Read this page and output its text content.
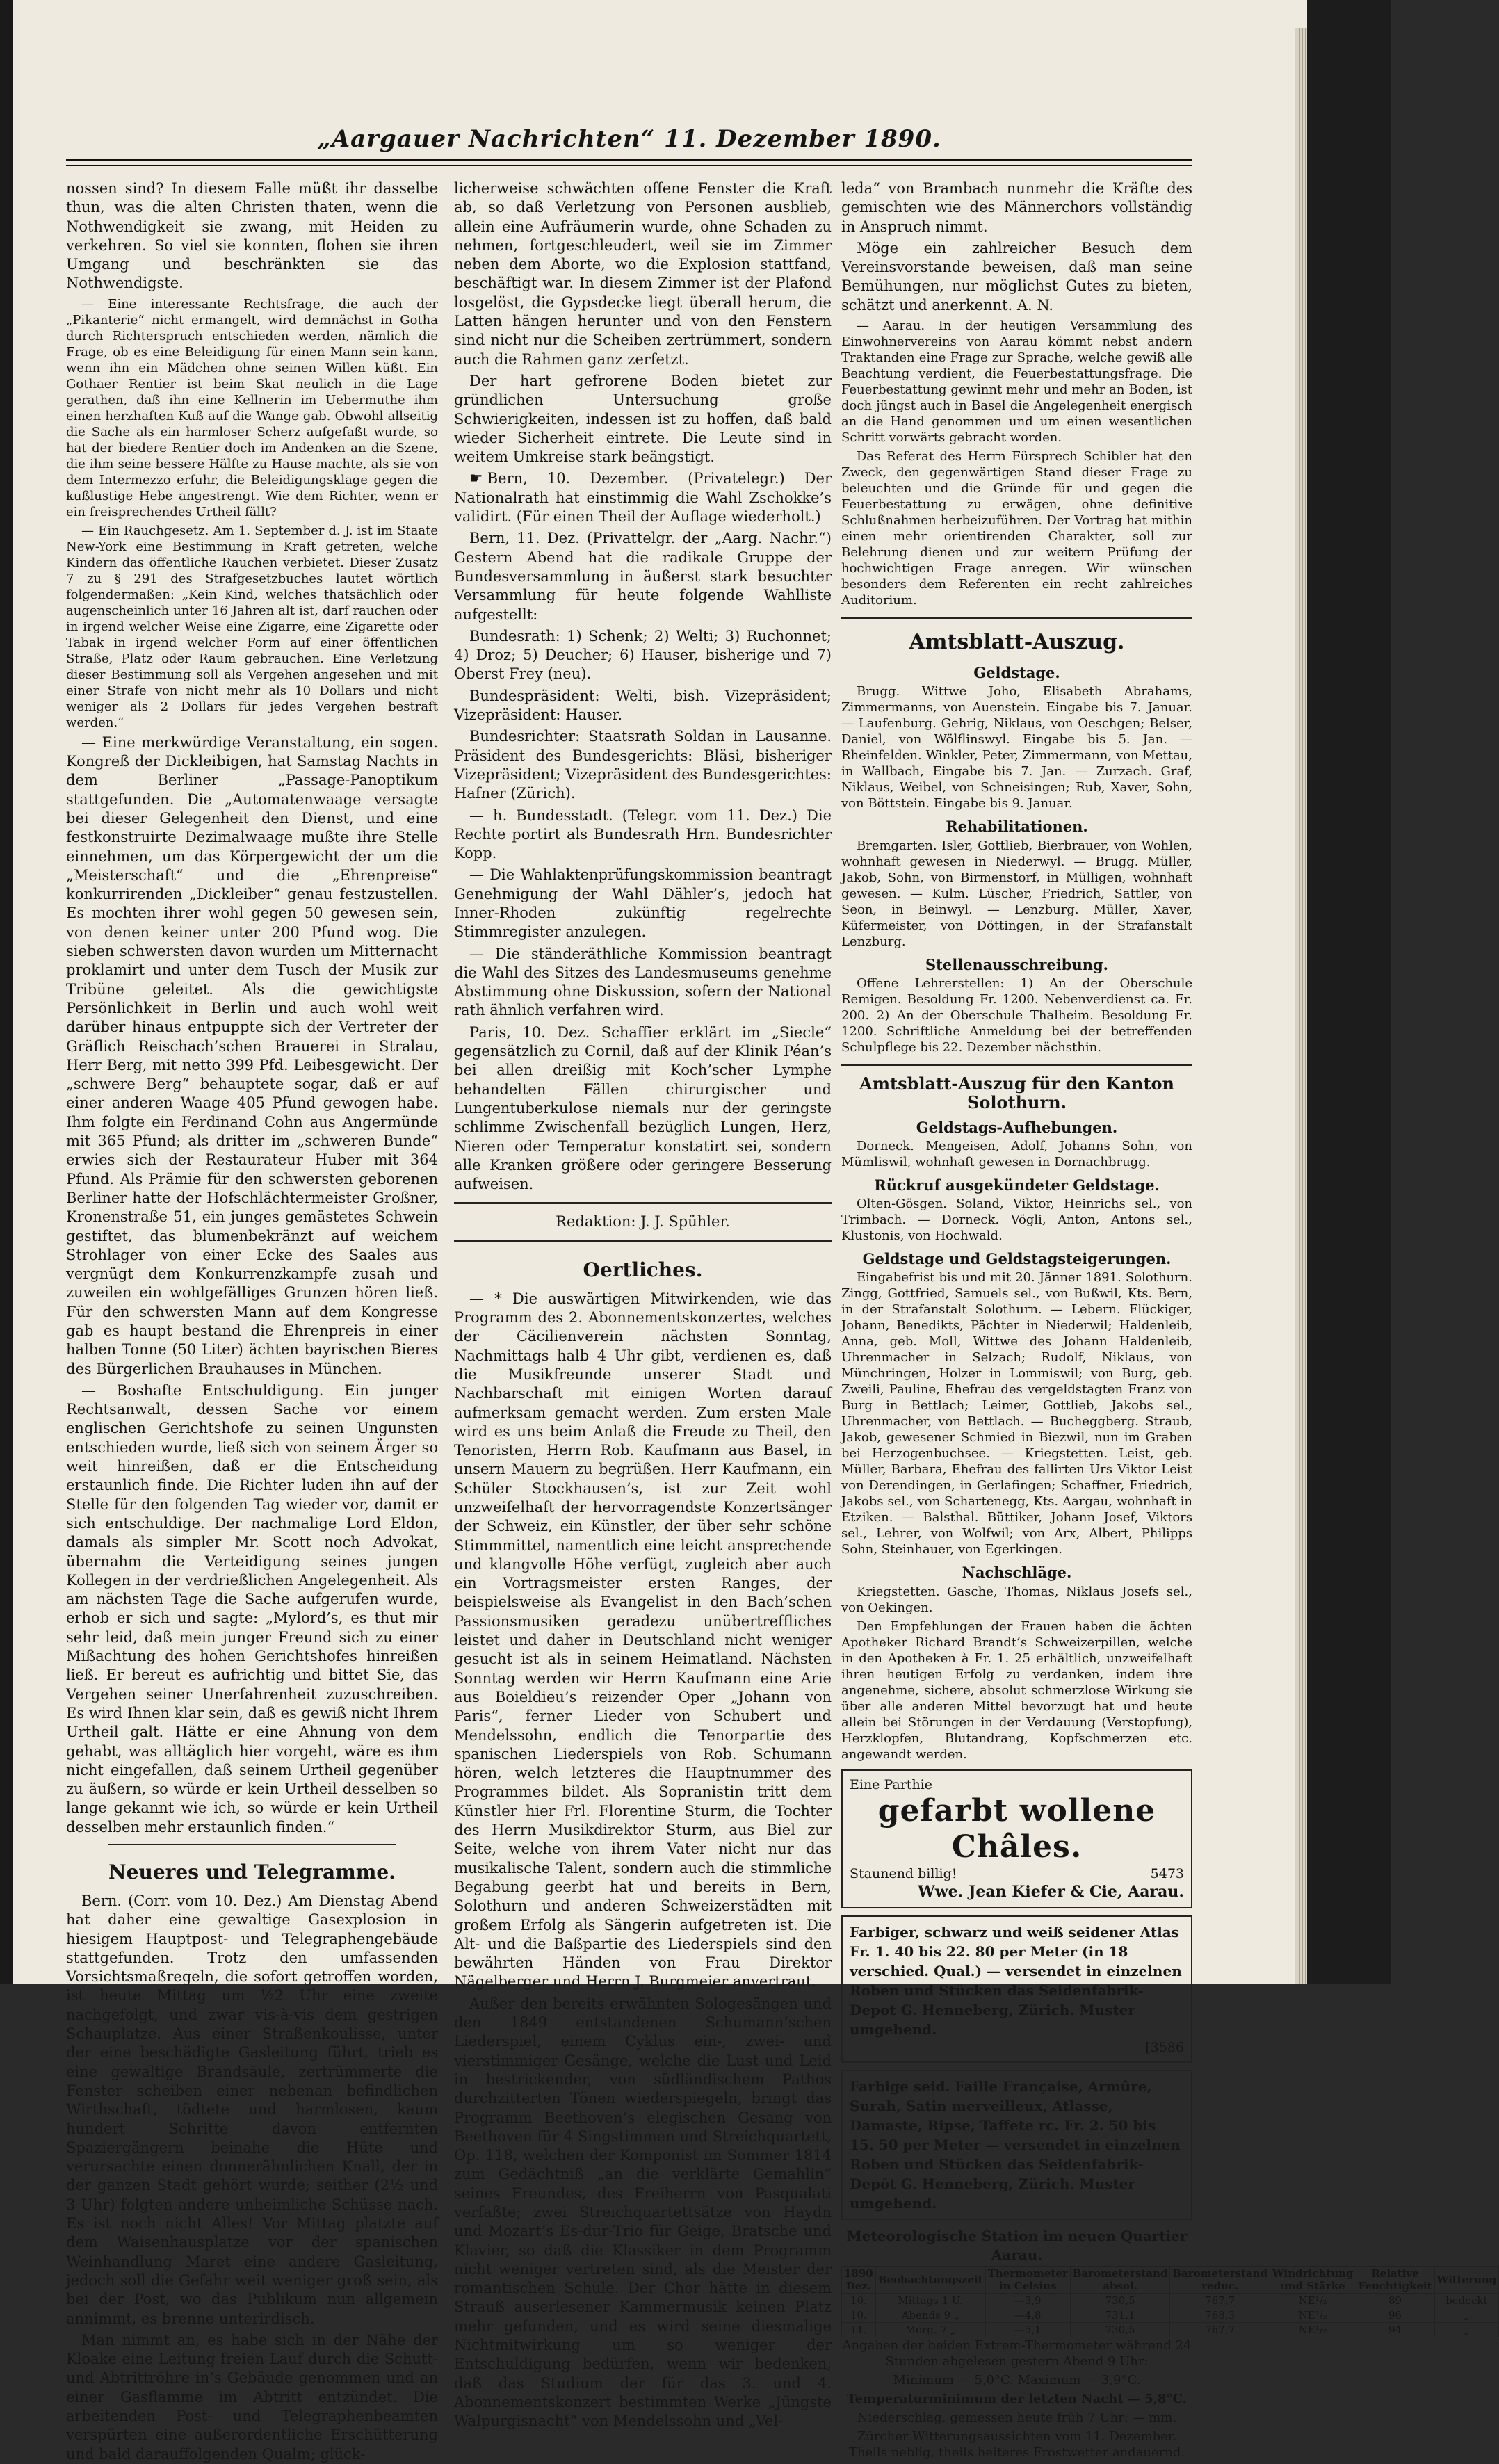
„Aargauer Nachrichten“ 11. Dezember 1890.

nossen sind? In diesem Falle müßt ihr dasselbe thun, was die alten Christen thaten, wenn die Nothwendigkeit sie zwang, mit Heiden zu verkehren. So viel sie konnten, flohen sie ihren Umgang und beschränkten sie das Nothwendigste.

— Eine interessante Rechtsfrage, die auch der „Pikanterie“ nicht ermangelt, wird demnächst in Gotha durch Richterspruch entschieden werden, nämlich die Frage, ob es eine Beleidigung für einen Mann sein kann, wenn ihn ein Mädchen ohne seinen Willen küßt. Ein Gothaer Rentier ist beim Skat neulich in die Lage gerathen, daß ihn eine Kellnerin im Uebermuthe ihm einen herzhaften Kuß auf die Wange gab. Obwohl allseitig die Sache als ein harmloser Scherz aufgefaßt wurde, so hat der biedere Rentier doch im Andenken an die Szene, die ihm seine bessere Hälfte zu Hause machte, als sie von dem Intermezzo erfuhr, die Beleidigungsklage gegen die kußlustige Hebe angestrengt. Wie dem Richter, wenn er ein freisprechendes Urtheil fällt?

— Ein Rauchgesetz. Am 1. September d. J. ist im Staate New-York eine Bestimmung in Kraft getreten, welche Kindern das öffentliche Rauchen verbietet. Dieser Zusatz 7 zu § 291 des Strafgesetzbuches lautet wörtlich folgendermaßen: „Kein Kind, welches thatsächlich oder augenscheinlich unter 16 Jahren alt ist, darf rauchen oder in irgend welcher Weise eine Zigarre, eine Zigarette oder Tabak in irgend welcher Form auf einer öffentlichen Straße, Platz oder Raum gebrauchen. Eine Verletzung dieser Bestimmung soll als Vergehen angesehen und mit einer Strafe von nicht mehr als 10 Dollars und nicht weniger als 2 Dollars für jedes Vergehen bestraft werden.“

— Eine merkwürdige Veranstaltung, ein sogen. Kongreß der Dickleibigen, hat Samstag Nachts in dem Berliner „Passage-Panoptikum stattgefunden. Die „Automatenwaage versagte bei dieser Gelegenheit den Dienst, und eine festkonstruirte Dezimalwaage mußte ihre Stelle einnehmen, um das Körpergewicht der um die „Meisterschaft“ und die „Ehrenpreise“ konkurrirenden „Dickleiber“ genau festzustellen. Es mochten ihrer wohl gegen 50 gewesen sein, von denen keiner unter 200 Pfund wog. Die sieben schwersten davon wurden um Mitternacht proklamirt und unter dem Tusch der Musik zur Tribüne geleitet. Als die gewichtigste Persönlichkeit in Berlin und auch wohl weit darüber hinaus entpuppte sich der Vertreter der Gräflich Reischach’schen Brauerei in Stralau, Herr Berg, mit netto 399 Pfd. Leibesgewicht. Der „schwere Berg“ behauptete sogar, daß er auf einer anderen Waage 405 Pfund gewogen habe. Ihm folgte ein Ferdinand Cohn aus Angermünde mit 365 Pfund; als dritter im „schweren Bunde“ erwies sich der Restaurateur Huber mit 364 Pfund. Als Prämie für den schwersten geborenen Berliner hatte der Hofschlächtermeister Großner, Kronenstraße 51, ein junges gemästetes Schwein gestiftet, das blumenbekränzt auf weichem Strohlager von einer Ecke des Saales aus vergnügt dem Konkurrenzkampfe zusah und zuweilen ein wohlgefälliges Grunzen hören ließ. Für den schwersten Mann auf dem Kongresse gab es haupt bestand die Ehrenpreis in einer halben Tonne (50 Liter) ächten bayrischen Bieres des Bürgerlichen Brauhauses in München.

— Boshafte Entschuldigung. Ein junger Rechtsanwalt, dessen Sache vor einem englischen Gerichtshofe zu seinen Ungunsten entschieden wurde, ließ sich von seinem Ärger so weit hinreißen, daß er die Entscheidung erstaunlich finde. Die Richter luden ihn auf der Stelle für den folgenden Tag wieder vor, damit er sich entschuldige. Der nachmalige Lord Eldon, damals als simpler Mr. Scott noch Advokat, übernahm die Verteidigung seines jungen Kollegen in der verdrießlichen Angelegenheit. Als am nächsten Tage die Sache aufgerufen wurde, erhob er sich und sagte: „Mylord’s, es thut mir sehr leid, daß mein junger Freund sich zu einer Mißachtung des hohen Gerichtshofes hinreißen ließ. Er bereut es aufrichtig und bittet Sie, das Vergehen seiner Unerfahrenheit zuzuschreiben. Es wird Ihnen klar sein, daß es gewiß nicht Ihrem Urtheil galt. Hätte er eine Ahnung von dem gehabt, was alltäglich hier vorgeht, wäre es ihm nicht eingefallen, daß seinem Urtheil gegenüber zu äußern, so würde er kein Urtheil desselben so lange gekannt wie ich, so würde er kein Urtheil desselben mehr erstaunlich finden.“

Neueres und Telegramme.

Bern. (Corr. vom 10. Dez.) Am Dienstag Abend hat daher eine gewaltige Gasexplosion in hiesigem Hauptpost- und Telegraphengebäude stattgefunden. Trotz den umfassenden Vorsichtsmaßregeln, die sofort getroffen worden, ist heute Mittag um ½2 Uhr eine zweite nachgefolgt, und zwar vis-à-vis dem gestrigen Schauplatze. Aus einer Straßenkoulisse, unter der eine beschädigte Gasleitung führt, trieb es eine gewaltige Brandsäule, zertrümmerte die Fenster scheiben einer nebenan befindlichen Wirthschaft, tödtete und harmlosen, kaum hundert Schritte davon entfernten Spaziergängern beinahe die Hüte und verursachte einen donnerähnlichen Knall, der in der ganzen Stadt gehört wurde; seither (2½ und 3 Uhr) folgten andere unheimliche Schüsse nach. Es ist noch nicht Alles! Vor Mittag platzte auf dem Waisenhausplatze vor der spanischen Weinhandlung Maret eine andere Gasleitung, jedoch soll die Gefahr weit weniger groß sein, als bei der Post, wo das Publikum nun allgemein annimmt, es brenne unterirdisch.

Man nimmt an, es habe sich in der Nähe der Kloake eine Leitung freien Lauf durch die Schutt- und Abtrittröhre in’s Gebäude genommen und an einer Gasflamme im Abtritt entzündet. Die arbeitenden Post- und Telegraphenbeamten verspürten eine außerordentliche Erschütterung und bald darauffolgenden Qualm; glück-

licherweise schwächten offene Fenster die Kraft ab, so daß Verletzung von Personen ausblieb, allein eine Aufräumerin wurde, ohne Schaden zu nehmen, fortgeschleudert, weil sie im Zimmer neben dem Aborte, wo die Explosion stattfand, beschäftigt war. In diesem Zimmer ist der Plafond losgelöst, die Gypsdecke liegt überall herum, die Latten hängen herunter und von den Fenstern sind nicht nur die Scheiben zertrümmert, sondern auch die Rahmen ganz zerfetzt.

Der hart gefrorene Boden bietet zur gründlichen Untersuchung große Schwierigkeiten, indessen ist zu hoffen, daß bald wieder Sicherheit eintrete. Die Leute sind in weitem Umkreise stark beängstigt.

☛ Bern, 10. Dezember. (Privatelegr.) Der Nationalrath hat einstimmig die Wahl Zschokke’s validirt. (Für einen Theil der Auflage wiederholt.)

Bern, 11. Dez. (Privattelgr. der „Aarg. Nachr.“) Gestern Abend hat die radikale Gruppe der Bundesversammlung in äußerst stark besuchter Versammlung für heute folgende Wahlliste aufgestellt:

Bundesrath: 1) Schenk; 2) Welti; 3) Ruchonnet; 4) Droz; 5) Deucher; 6) Hauser, bisherige und 7) Oberst Frey (neu).

Bundespräsident: Welti, bish. Vizepräsident; Vizepräsident: Hauser.

Bundesrichter: Staatsrath Soldan in Lausanne. Präsident des Bundesgerichts: Bläsi, bisheriger Vizepräsident; Vizepräsident des Bundesgerichtes: Hafner (Zürich).

— h. Bundesstadt. (Telegr. vom 11. Dez.) Die Rechte portirt als Bundesrath Hrn. Bundesrichter Kopp.

— Die Wahlaktenprüfungskommission beantragt Genehmigung der Wahl Dähler’s, jedoch hat Inner-Rhoden zukünftig regelrechte Stimmregister anzulegen.

— Die ständeräthliche Kommission beantragt die Wahl des Sitzes des Landesmuseums genehme Abstimmung ohne Diskussion, sofern der National rath ähnlich verfahren wird.

Paris, 10. Dez. Schaffier erklärt im „Siecle“ gegensätzlich zu Cornil, daß auf der Klinik Péan’s bei allen dreißig mit Koch’scher Lymphe behandelten Fällen chirurgischer und Lungentuberkulose niemals nur der geringste schlimme Zwischenfall bezüglich Lungen, Herz, Nieren oder Temperatur konstatirt sei, sondern alle Kranken größere oder geringere Besserung aufweisen.

Redaktion: J. J. Spühler.
Oertliches.

— * Die auswärtigen Mitwirkenden, wie das Programm des 2. Abonnementskonzertes, welches der Cäcilienverein nächsten Sonntag, Nachmittags halb 4 Uhr gibt, verdienen es, daß die Musikfreunde unserer Stadt und Nachbarschaft mit einigen Worten darauf aufmerksam gemacht werden. Zum ersten Male wird es uns beim Anlaß die Freude zu Theil, den Tenoristen, Herrn Rob. Kaufmann aus Basel, in unsern Mauern zu begrüßen. Herr Kaufmann, ein Schüler Stockhausen’s, ist zur Zeit wohl unzweifelhaft der hervorragendste Konzertsänger der Schweiz, ein Künstler, der über sehr schöne Stimmmittel, namentlich eine leicht ansprechende und klangvolle Höhe verfügt, zugleich aber auch ein Vortragsmeister ersten Ranges, der beispielsweise als Evangelist in den Bach’schen Passionsmusiken geradezu unübertreffliches leistet und daher in Deutschland nicht weniger gesucht ist als in seinem Heimatland. Nächsten Sonntag werden wir Herrn Kaufmann eine Arie aus Boieldieu’s reizender Oper „Johann von Paris“, ferner Lieder von Schubert und Mendelssohn, endlich die Tenorpartie des spanischen Liederspiels von Rob. Schumann hören, welch letzteres die Hauptnummer des Programmes bildet. Als Sopranistin tritt dem Künstler hier Frl. Florentine Sturm, die Tochter des Herrn Musikdirektor Sturm, aus Biel zur Seite, welche von ihrem Vater nicht nur das musikalische Talent, sondern auch die stimmliche Begabung geerbt hat und bereits in Bern, Solothurn und anderen Schweizerstädten mit großem Erfolg als Sängerin aufgetreten ist. Die Alt- und die Baßpartie des Liederspiels sind den bewährten Händen von Frau Direktor Nägelberger und Herrn J. Burgmeier anvertraut.

Außer den bereits erwähnten Sologesängen und den 1849 entstandenen Schumann’schen Liederspiel, einem Cyklus ein-, zwei- und vierstimmiger Gesänge, welche die Lust und Leid in bestrickender, von südländischem Pathos durchzitterten Tönen wiederspiegeln, bringt das Programm Beethoven’s elegischen Gesang von Beethoven für 4 Singstimmen und Streichquartett, Op. 118, welchen der Komponist im Sommer 1814 zum Gedächtniß „an die verklärte Gemahlin“ seines Freundes, des Freiherrn von Pasqualati verfaßte; zwei Streichquartettsätze von Haydn und Mozart’s Es-dur-Trio für Geige, Bratsche und Klavier, so daß die Klassiker in dem Programm nicht weniger vertreten sind, als die Meister der romantischen Schule. Der Chor hätte in diesem Strauß auserlesener Kammermusik keinen Platz mehr gefunden, und es wird seine diesmalige Nichtmitwirkung um so weniger der Entschuldigung bedürfen, wenn wir bedenken, daß das Studium der für das 3. und 4. Abonnementskonzert bestimmten Werke „Jüngste Walpurgisnacht“ von Mendelssohn und „Vel-

leda“ von Brambach nunmehr die Kräfte des gemischten wie des Männerchors vollständig in Anspruch nimmt.

Möge ein zahlreicher Besuch dem Vereinsvorstande beweisen, daß man seine Bemühungen, nur möglichst Gutes zu bieten, schätzt und anerkennt. A. N.

— Aarau. In der heutigen Versammlung des Einwohnervereins von Aarau kömmt nebst andern Traktanden eine Frage zur Sprache, welche gewiß alle Beachtung verdient, die Feuerbestattungsfrage. Die Feuerbestattung gewinnt mehr und mehr an Boden, ist doch jüngst auch in Basel die Angelegenheit energisch an die Hand genommen und um einen wesentlichen Schritt vorwärts gebracht worden.

Das Referat des Herrn Fürsprech Schibler hat den Zweck, den gegenwärtigen Stand dieser Frage zu beleuchten und die Gründe für und gegen die Feuerbestattung zu erwägen, ohne definitive Schlußnahmen herbeizuführen. Der Vortrag hat mithin einen mehr orientirenden Charakter, soll zur Belehrung dienen und zur weitern Prüfung der hochwichtigen Frage anregen. Wir wünschen besonders dem Referenten ein recht zahlreiches Auditorium.

Amtsblatt-Auszug.
Geldstage.

Brugg. Wittwe Joho, Elisabeth Abrahams, Zimmermanns, von Auenstein. Eingabe bis 7. Januar. — Laufenburg. Gehrig, Niklaus, von Oeschgen; Belser, Daniel, von Wölflinswyl. Eingabe bis 5. Jan. — Rheinfelden. Winkler, Peter, Zimmermann, von Mettau, in Wallbach, Eingabe bis 7. Jan. — Zurzach. Graf, Niklaus, Weibel, von Schneisingen; Rub, Xaver, Sohn, von Böttstein. Eingabe bis 9. Januar.

Rehabilitationen.

Bremgarten. Isler, Gottlieb, Bierbrauer, von Wohlen, wohnhaft gewesen in Niederwyl. — Brugg. Müller, Jakob, Sohn, von Birmenstorf, in Mülligen, wohnhaft gewesen. — Kulm. Lüscher, Friedrich, Sattler, von Seon, in Beinwyl. — Lenzburg. Müller, Xaver, Küfermeister, von Döttingen, in der Strafanstalt Lenzburg.

Stellenausschreibung.

Offene Lehrerstellen: 1) An der Oberschule Remigen. Besoldung Fr. 1200. Nebenverdienst ca. Fr. 200. 2) An der Oberschule Thalheim. Besoldung Fr. 1200. Schriftliche Anmeldung bei der betreffenden Schulpflege bis 22. Dezember nächsthin.

Amtsblatt-Auszug für den Kanton Solothurn.
Geldstags-Aufhebungen.

Dorneck. Mengeisen, Adolf, Johanns Sohn, von Mümliswil, wohnhaft gewesen in Dornachbrugg.

Rückruf ausgekündeter Geldstage.

Olten-Gösgen. Soland, Viktor, Heinrichs sel., von Trimbach. — Dorneck. Vögli, Anton, Antons sel., Klustonis, von Hochwald.

Geldstage und Geldstagsteigerungen.

Eingabefrist bis und mit 20. Jänner 1891. Solothurn. Zingg, Gottfried, Samuels sel., von Bußwil, Kts. Bern, in der Strafanstalt Solothurn. — Lebern. Flückiger, Johann, Benedikts, Pächter in Niederwil; Haldenleib, Anna, geb. Moll, Wittwe des Johann Haldenleib, Uhrenmacher in Selzach; Rudolf, Niklaus, von Münchringen, Holzer in Lommiswil; von Burg, geb. Zweili, Pauline, Ehefrau des vergeldstagten Franz von Burg in Bettlach; Leimer, Gottlieb, Jakobs sel., Uhrenmacher, von Bettlach. — Bucheggberg. Straub, Jakob, gewesener Schmied in Biezwil, nun im Graben bei Herzogenbuchsee. — Kriegstetten. Leist, geb. Müller, Barbara, Ehefrau des fallirten Urs Viktor Leist von Derendingen, in Gerlafingen; Schaffner, Friedrich, Jakobs sel., von Schartenegg, Kts. Aargau, wohnhaft in Etziken. — Balsthal. Büttiker, Johann Josef, Viktors sel., Lehrer, von Wolfwil; von Arx, Albert, Philipps Sohn, Steinhauer, von Egerkingen.

Nachschläge.

Kriegstetten. Gasche, Thomas, Niklaus Josefs sel., von Oekingen.

Den Empfehlungen der Frauen haben die ächten Apotheker Richard Brandt’s Schweizerpillen, welche in den Apotheken à Fr. 1. 25 erhältlich, unzweifelhaft ihren heutigen Erfolg zu verdanken, indem ihre angenehme, sichere, absolut schmerzlose Wirkung sie über alle anderen Mittel bevorzugt hat und heute allein bei Störungen in der Verdauung (Verstopfung), Herzklopfen, Blutandrang, Kopfschmerzen etc. angewandt werden.

Eine Parthie
gefarbt wollene Châles.
Staunend billig!	5473
Wwe. Jean Kiefer & Cie, Aarau.
Farbiger, schwarz und weiß seidener Atlas Fr. 1. 40 bis 22. 80 per Meter (in 18 verschied. Qual.) — versendet in einzelnen Roben und Stücken das Seidenfabrik-Depot G. Henneberg, Zürich. Muster umgehend.
[3586
Farbige seid. Faille Française, Armûre, Surah, Satin merveilleux, Atlasse, Damaste, Ripse, Taffete rc. Fr. 2. 50 bis 15. 50 per Meter — versendet in einzelnen Roben und Stücken das Seidenfabrik-Depôt G. Henneberg, Zürich. Muster umgehend.
Meteorologische Station im neuen Quartier Aarau.
1890 Dez.	Beobachtungszeit	Thermometer in Celsius	Barometerstand absol.	Barometerstand reduc.	Windrichtung und Stärke	Relative Feuchtigkeit	Witterung
10.	Mittags 1 U.	—3,9	730,5	767,7	NE¹/₂	89	bedeckt
10.	Abends 9 „	—4,8	731,1	768,3	NE¹/₂	96	„
11.	Morg. 7 „	—5,1	730,5	767,7	NE¹/₂	94	„

Angaben der beiden Extrem-Thermometer während 24 Stunden abgelesen gestern Abend 9 Uhr:

Minimum — 5,0°C. Maximum — 3,9°C.

Temperaturminimum der letzten Nacht — 5,8°C.

Niederschlag, gemessen heute früh 7 Uhr: — mm.

Zürcher Witterungsaussichten vom 11. Dezember. Theils neblig, theils heiteres Frostwetter andauernd.
